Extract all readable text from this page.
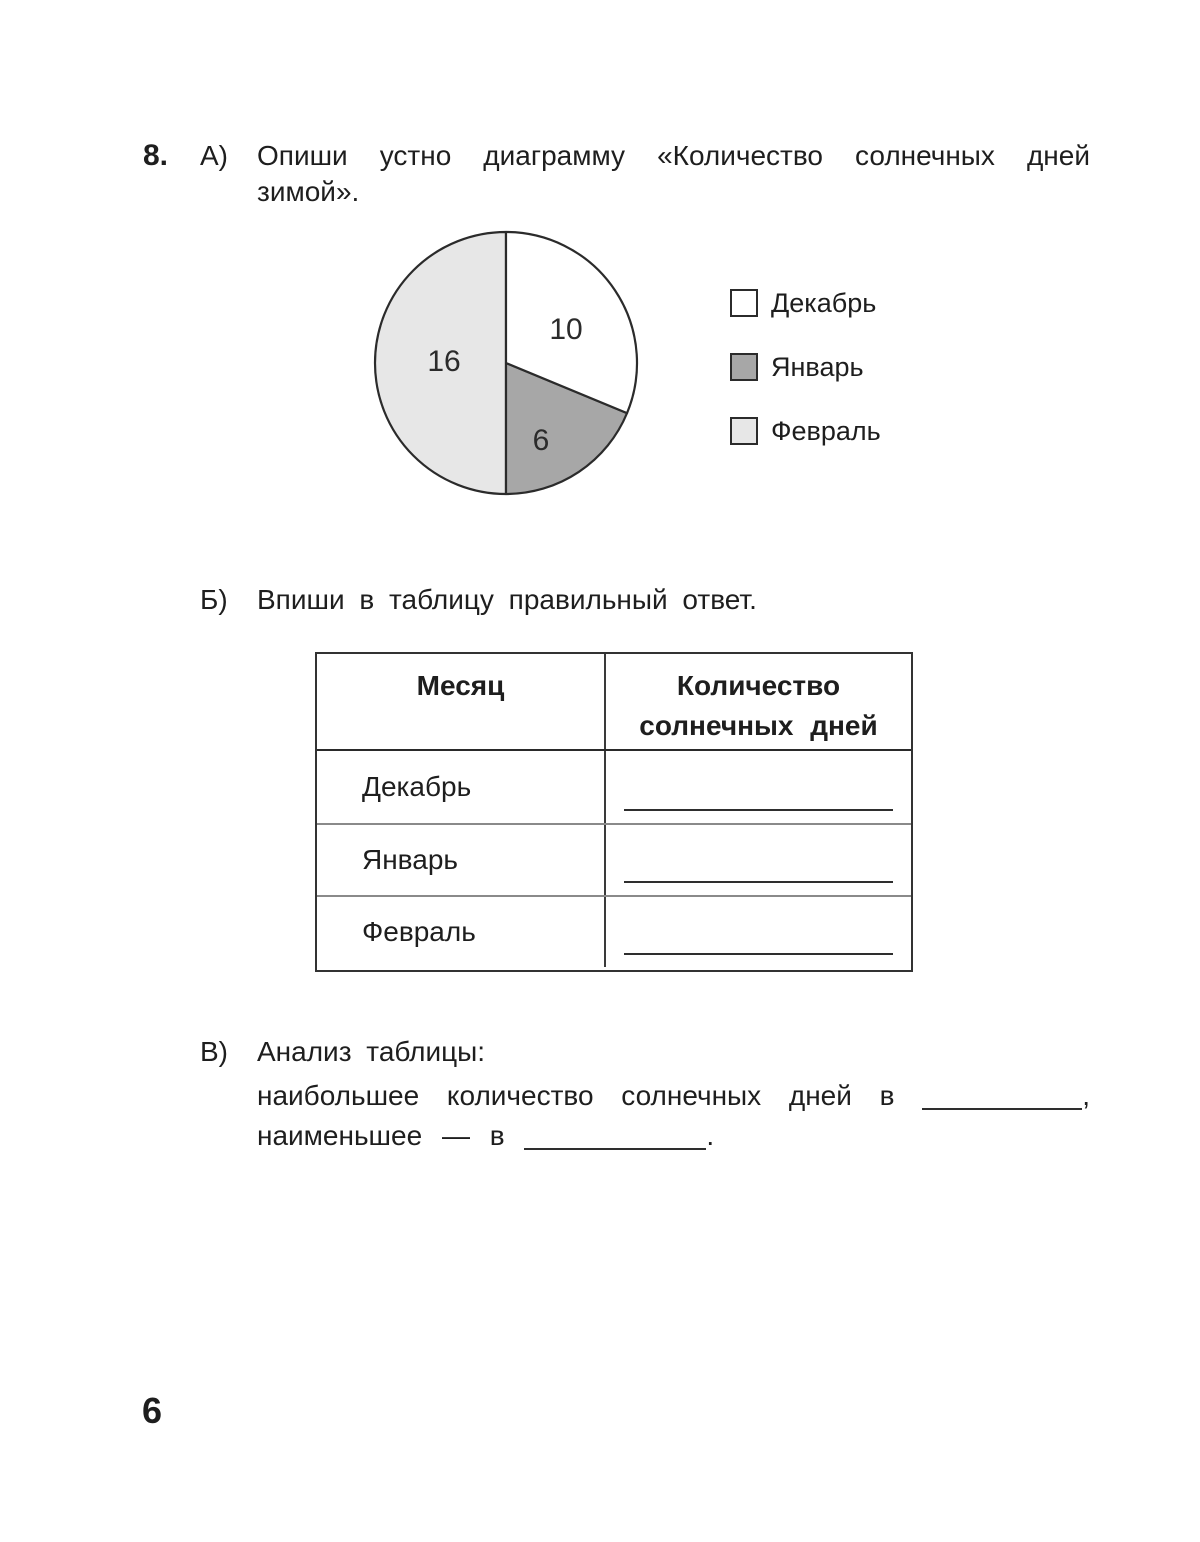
8.	А)	Опиши устно диаграмму «Количество солнечных дней
зимой».
10
6
16
Декабрь
Январь
Февраль
Б)	Впиши в таблицу правильный ответ.
Месяц	Количество солнечных дней
Декабрь
Январь
Февраль
В)	Анализ таблицы:
наибольшее количество солнечных дней в	,
наименьшее — в	.
6
